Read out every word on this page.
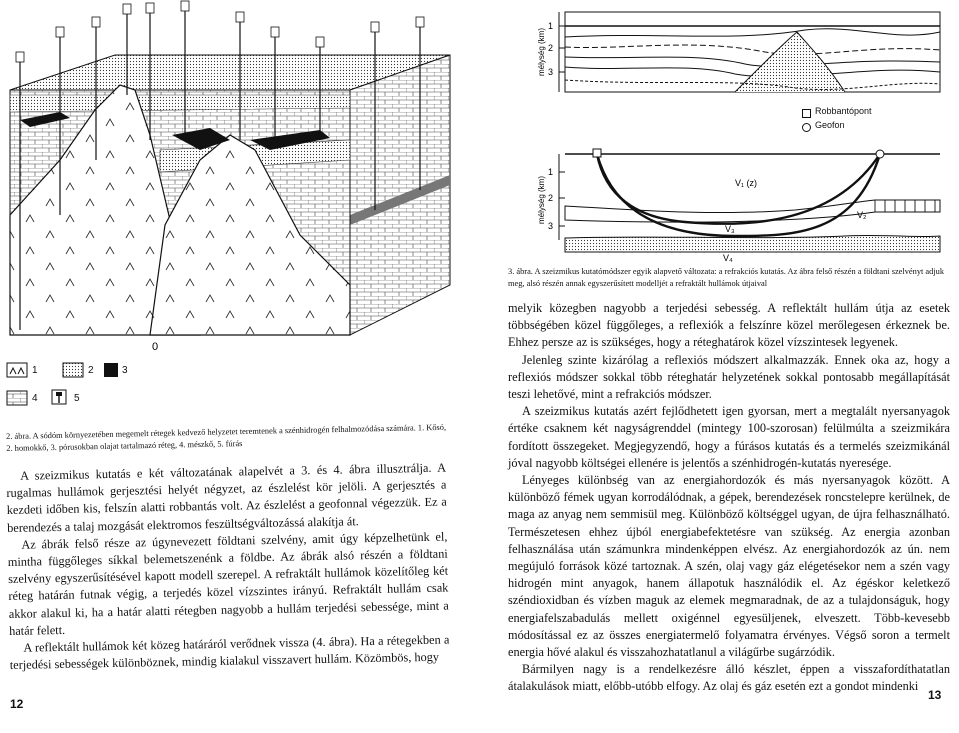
0
1	2	3
4	5
2. ábra. A sódóm környezetében megemelt rétegek kedvező helyzetet teremtenek a szénhidrogén felhalmozódása számára. 1. Kősó, 2. homokkő, 3. pórusokban olajat tartalmazó réteg, 4. mészkő, 5. fúrás

A szeizmikus kutatás e két változatának alapelvét a 3. és 4. ábra illusztrálja. A rugalmas hullámok gerjesztési helyét négyzet, az észlelést kör jelöli. A gerjesztés a kezdeti időben kis, felszín alatti robbantás volt. Az észlelést a geofonnal végezzük. Ez a berendezés a talaj mozgását elektromos feszültségváltozássá alakítja át.

Az ábrák felső része az úgynevezett földtani szelvény, amit úgy képzelhetünk el, mintha függőleges síkkal belemetszenénk a földbe. Az ábrák alsó részén a földtani szelvény egyszerűsítésével kapott modell szerepel. A refraktált hullámok közelítőleg két réteg határán futnak végig, a terjedés közel vízszintes irányú. Refraktált hullám csak akkor alakul ki, ha a határ alatti rétegben nagyobb a hullám terjedési sebessége, mint a határ felett.

A reflektált hullámok két közeg határáról verődnek vissza (4. ábra). Ha a rétegekben a terjedési sebességek különböznek, mindig kialakul visszavert hullám. Közömbös, hogy

12
1
2
3
mélység (km)
Robbantópont
Geofon
1
2
3
mélység (km)	V₁ (z)
V₂
V₃
V₄
3. ábra. A szeizmikus kutatómódszer egyik alapvető változata: a refrakciós kutatás. Az ábra felső részén a földtani szelvényt adjuk meg, alsó részén annak egyszerűsített modelljét a refraktált hullámok útjaival

melyik közegben nagyobb a terjedési sebesség. A reflektált hullám útja az esetek többségében közel függőleges, a reflexiók a felszínre közel merőlegesen érkeznek be. Ehhez persze az is szükséges, hogy a réteghatárok közel vízszintesek legyenek.

Jelenleg szinte kizárólag a reflexiós módszert alkalmazzák. Ennek oka az, hogy a reflexiós módszer sokkal több réteghatár helyzetének sokkal pontosabb megállapítását teszi lehetővé, mint a refrakciós módszer.

A szeizmikus kutatás azért fejlődhetett igen gyorsan, mert a megtalált nyersanyagok értéke csaknem két nagyságrenddel (mintegy 100-szorosan) felülmúlta a szeizmikára fordított összegeket. Megjegyzendő, hogy a fúrásos kutatás és a termelés szeizmikánál jóval nagyobb költségei ellenére is jelentős a szénhidrogén-kutatás nyeresége.

Lényeges különbség van az energiahordozók és más nyersanyagok között. A különböző fémek ugyan korrodálódnak, a gépek, berendezések roncstelepre kerülnek, de maga az anyag nem semmisül meg. Különböző költséggel ugyan, de újra felhasználható. Természetesen ehhez újból energiabefektetésre van szükség. Az energia azonban felhasználása után számunkra mindenképpen elvész. Az energiahordozók az ún. nem megújuló források közé tartoznak. A szén, olaj vagy gáz elégetésekor nem a szén vagy hidrogén mint anyagok, hanem állapotuk használódik el. Az égéskor keletkező széndioxidban és vízben maguk az elemek megmaradnak, de az a tulajdonságuk, hogy energiafelszabadulás mellett oxigénnel egyesüljenek, elveszett. Több-kevesebb módosítással ez az összes energiatermelő folyamatra érvényes. Végső soron a termelt energia hővé alakul és visszahozhatatlanul a világűrbe sugárzódik.

Bármilyen nagy is a rendelkezésre álló készlet, éppen a visszafordíthatatlan átalakulások miatt, előbb-utóbb elfogy. Az olaj és gáz esetén ezt a gondot mindenki

13
